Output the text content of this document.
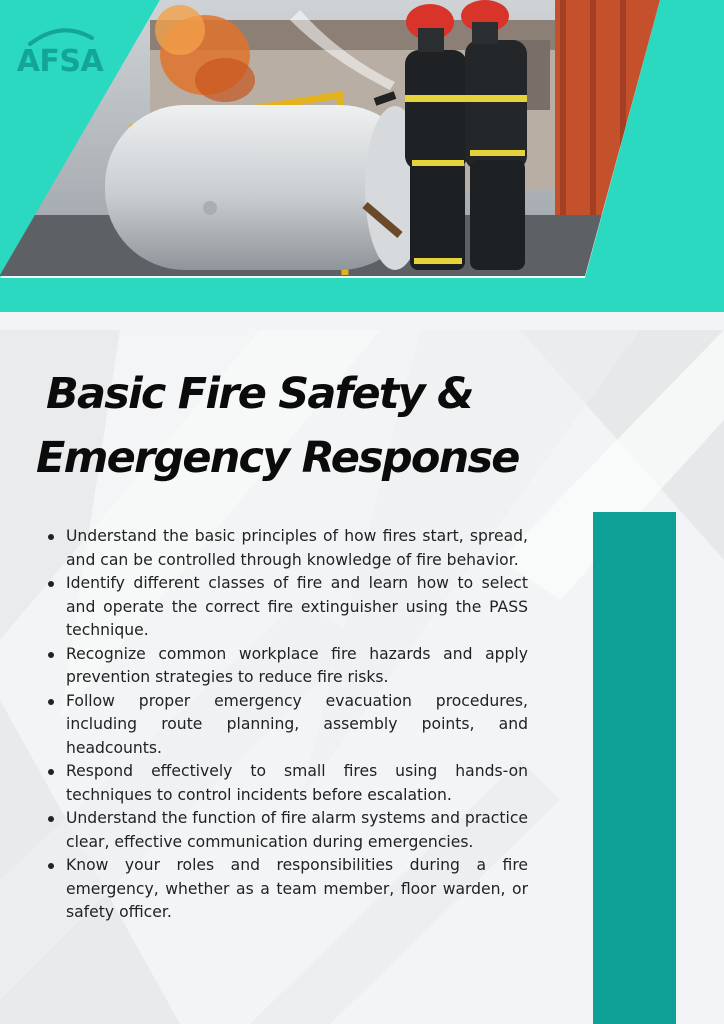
AFSA
Basic Fire Safety &
Emergency Response
Understand the basic principles of how fires start, spread, and can be controlled through knowledge of fire behavior.
Identify different classes of fire and learn how to select and operate the correct fire extinguisher using the PASS technique.
Recognize common workplace fire hazards and apply prevention strategies to reduce fire risks.
Follow proper emergency evacuation procedures, including route planning, assembly points, and headcounts.
Respond effectively to small fires using hands-on techniques to control incidents before escalation.
Understand the function of fire alarm systems and practice clear, effective communication during emergencies.
Know your roles and responsibilities during a fire emergency, whether as a team member, floor warden, or safety officer.
